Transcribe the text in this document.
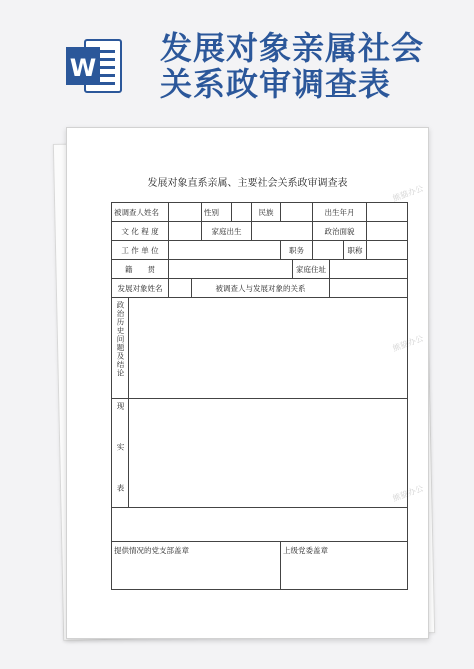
W
发展对象亲属社会
关系政审调查表
熊猫办公
熊猫办公
熊猫办公
发展对象直系亲属、主要社会关系政审调查表
被调查人姓名				性别		民族			出生年月			
文 化 程 度				家庭出生					政治面貌			
工 作 单 位							职务				职称	
籍　　贯								家庭住址				
发展对象姓名			被调查人与发展对象的关系									
政治历史问题及结论												
现　实　表												

提供情况的党支部盖章							上级党委盖章					
